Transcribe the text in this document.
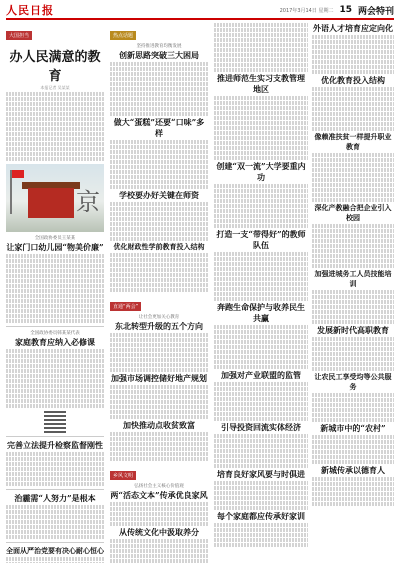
人民日报	2017年3月14日 星期二 15 两会特刊
大国担当
办人民满意的教育
本报记者 吴某某
京
全国政协委员王某某
让家门口幼儿园“物美价廉”
全国政协委员韩某某代表
家庭教育应纳入必修课
完善立法提升检察监督刚性
治霾需“人努力”是根本
全面从严治党要有决心耐心恒心
热点话题
坚持推进教育均衡发展
创新思路突破三大困局
做大“蛋糕”还要“口味”多样
学校要办好关键在师资
优化财政性学前教育投入结构
直通“两会”
让社会更加关心教育
东北转型升级的五个方向
加强市场调控储好地产规划
加快推动点收贫致富
乡风文明
弘扬社会主义核心价值观
两“活态文本”传承优良家风
从传统文化中汲取养分
推进师范生实习支教管理地区
创建“双一流”大学要重内功
打造一支“带得好”的教师队伍
奔跑生命保护与收养民生共赢
加强对产业联盟的监管
引导投资回流实体经济
培育良好家风要与时俱进
每个家庭都应传承好家训
外语人才培育应定向化
优化教育投入结构
像赖准扶贫一样提升职业教育
深化产教融合把企业引入校园
加强进城务工人员技能培训
发展新时代高职教育
让农民工享受均等公共服务
新城市中的“农村”
新城传承以德育人
